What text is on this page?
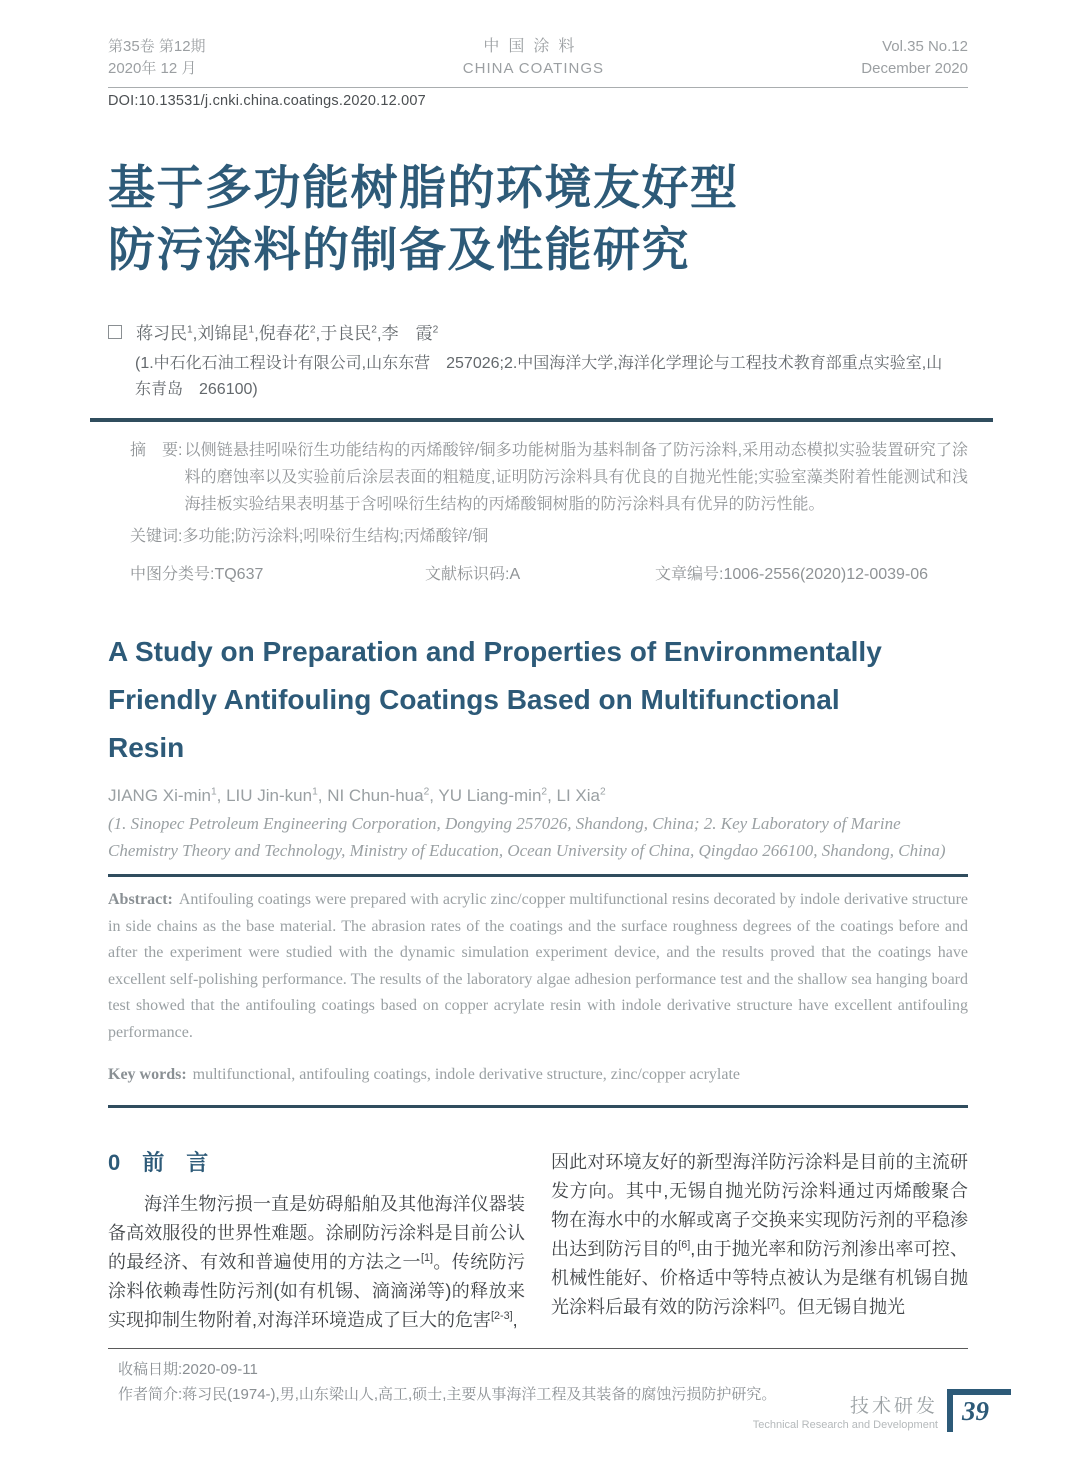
第35卷 第12期
2020年 12 月
中国涂料
CHINA COATINGS
Vol.35 No.12
December 2020
DOI:10.13531/j.cnki.china.coatings.2020.12.007
基于多功能树脂的环境友好型
防污涂料的制备及性能研究
蒋习民$^1$,刘锦昆$^1$,倪春花$^2$,于良民$^2$,李　霞$^2$
(1.中石化石油工程设计有限公司,山东东营　257026;2.中国海洋大学,海洋化学理论与工程技术教育部重点实验室,山东青岛　266100)
摘　要: 以侧链悬挂吲哚衍生功能结构的丙烯酸锌/铜多功能树脂为基料制备了防污涂料,采用动态模拟实验装置研究了涂料的磨蚀率以及实验前后涂层表面的粗糙度,证明防污涂料具有优良的自抛光性能;实验室藻类附着性能测试和浅海挂板实验结果表明基于含吲哚衍生结构的丙烯酸铜树脂的防污涂料具有优异的防污性能。
关键词:多功能;防污涂料;吲哚衍生结构;丙烯酸锌/铜
中图分类号:TQ637	文献标识码:A	文章编号:1006-2556(2020)12-0039-06
A Study on Preparation and Properties of Environmentally
Friendly Antifouling Coatings Based on Multifunctional
Resin
JIANG $Xi-\min^1$, LIU Jin-kun$^1$, NI Chun-hua$^2$, YU Liang-$\min^2$, LI Xia$^2$
(1. Sinopec Petroleum Engineering Corporation, Dongying 257026, Shandong, China; 2. Key Laboratory of Marine Chemistry Theory and Technology, Ministry of Education, Ocean University of China, Qingdao 266100, Shandong, China)

Abstract: Antifouling coatings were prepared with acrylic zinc/copper multifunctional resins decorated by indole derivative structure in side chains as the base material. The abrasion rates of the coatings and the surface roughness degrees of the coatings before and after the experiment were studied with the dynamic simulation experiment device, and the results proved that the coatings have excellent self-polishing performance. The results of the laboratory algae adhesion performance test and the shallow sea hanging board test showed that the antifouling coatings based on copper acrylate resin with indole derivative structure have excellent antifouling performance.

Key words: multifunctional, antifouling coatings, indole derivative structure, zinc/copper acrylate

0 前　言

海洋生物污损一直是妨碍船舶及其他海洋仪器装备高效服役的世界性难题。涂刷防污涂料是目前公认的最经济、有效和普遍使用的方法之一[1]。传统防污涂料依赖毒性防污剂(如有机锡、滴滴涕等)的释放来实现抑制生物附着,对海洋环境造成了巨大的危害[2-3],

因此对环境友好的新型海洋防污涂料是目前的主流研发方向。其中,无锡自抛光防污涂料通过丙烯酸聚合物在海水中的水解或离子交换来实现防污剂的平稳渗出达到防污目的[6],由于抛光率和防污剂渗出率可控、机械性能好、价格适中等特点被认为是继有机锡自抛光涂料后最有效的防污涂料[7]。但无锡自抛光

收稿日期:2020-09-11
作者简介:蒋习民(1974-),男,山东梁山人,高工,硕士,主要从事海洋工程及其装备的腐蚀污损防护研究。
技术研发
Technical Research and Development 39
